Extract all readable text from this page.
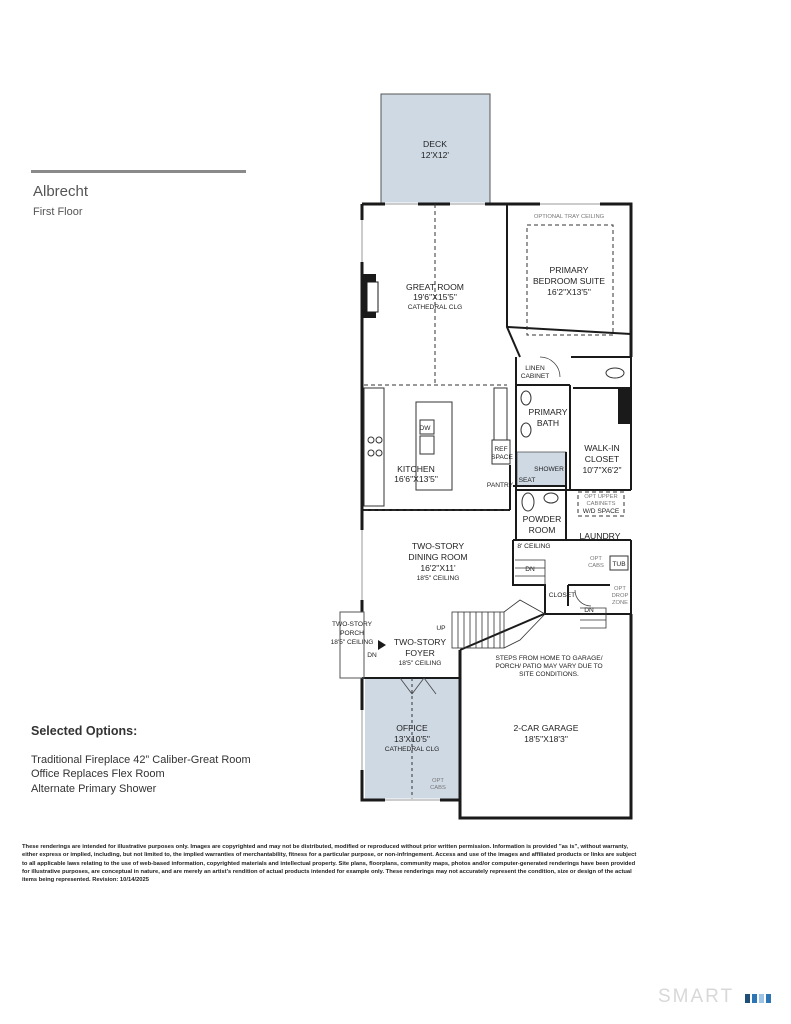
Albrecht
First Floor
DECK
12'X12'
GREAT ROOM
19'6"X15'5"
CATHEDRAL CLG
OPTIONAL TRAY CEILING
PRIMARY
BEDROOM SUITE
16'2"X13'5"
LINEN
CABINET
PRIMARY
BATH
WALK-IN
CLOSET
10'7"X6'2"
SHOWER
SEAT
DW
REF
SPACE
KITCHEN
16'6"X13'5"
PANTRY
POWDER
ROOM
8' CEILING
OPT UPPER
CABINETS
W/D SPACE
LAUNDRY
OPT
CABS TUB
TWO-STORY
DINING ROOM
16'2"X11'
18'5" CEILING
DN
CLOSET
OPT
DROP
ZONE
DN
UP
TWO-STORY
PORCH
18'5" CEILING
DN
TWO-STORY
FOYER
18'5" CEILING
STEPS FROM HOME TO GARAGE/
PORCH/ PATIO MAY VARY DUE TO
SITE CONDITIONS.
2-CAR GARAGE
18'5"X18'3"
OFFICE
13'X10'5"
CATHEDRAL CLG
OPT
CABS
Selected Options:
Traditional Fireplace 42” Caliber-Great Room
Office Replaces Flex Room
Alternate Primary Shower
These renderings are intended for illustrative purposes only. Images are copyrighted and may not be distributed, modified or reproduced without prior written permission. Information is provided "as is", without warranty, either express or implied, including, but not limited to, the implied warranties of merchantability, fitness for a particular purpose, or non-infringement. Access and use of the images and affiliated products or links are subject to all applicable laws relating to the use of web-based information, copyrighted materials and intellectual property. Site plans, floorplans, community maps, photos and/or computer-generated renderings have been provided for illustrative purposes, are conceptual in nature, and are merely an artist's rendition of actual products intended for example only. These renderings may not accurately represent the condition, size or design of the actual items being represented. Revision: 10/14/2025
SMART
